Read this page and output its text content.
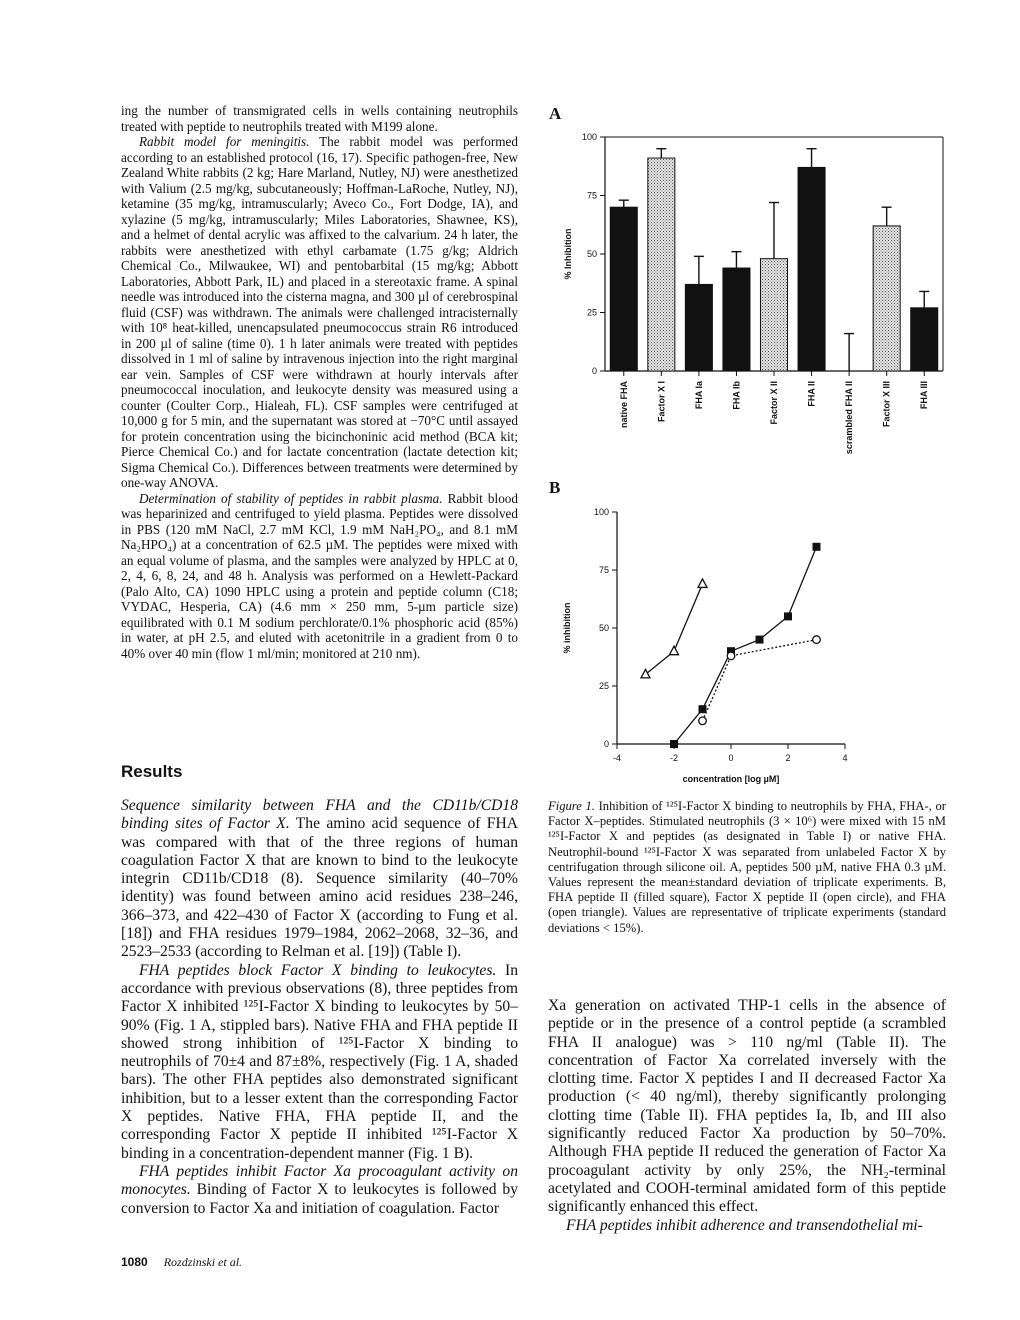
ing the number of transmigrated cells in wells containing neutrophils treated with peptide to neutrophils treated with M199 alone.

Rabbit model for meningitis. The rabbit model was performed according to an established protocol (16, 17). Specific pathogen-free, New Zealand White rabbits (2 kg; Hare Marland, Nutley, NJ) were anesthetized with Valium (2.5 mg/kg, subcutaneously; Hoffman-LaRoche, Nutley, NJ), ketamine (35 mg/kg, intramuscularly; Aveco Co., Fort Dodge, IA), and xylazine (5 mg/kg, intramuscularly; Miles Laboratories, Shawnee, KS), and a helmet of dental acrylic was affixed to the calvarium. 24 h later, the rabbits were anesthetized with ethyl carbamate (1.75 g/kg; Aldrich Chemical Co., Milwaukee, WI) and pentobarbital (15 mg/kg; Abbott Laboratories, Abbott Park, IL) and placed in a stereotaxic frame. A spinal needle was introduced into the cisterna magna, and 300 µl of cerebrospinal fluid (CSF) was withdrawn. The animals were challenged intracisternally with 10⁸ heat-killed, unencapsulated pneumococcus strain R6 introduced in 200 µl of saline (time 0). 1 h later animals were treated with peptides dissolved in 1 ml of saline by intravenous injection into the right marginal ear vein. Samples of CSF were withdrawn at hourly intervals after pneumococcal inoculation, and leukocyte density was measured using a counter (Coulter Corp., Hialeah, FL). CSF samples were centrifuged at 10,000 g for 5 min, and the supernatant was stored at −70°C until assayed for protein concentration using the bicinchoninic acid method (BCA kit; Pierce Chemical Co.) and for lactate concentration (lactate detection kit; Sigma Chemical Co.). Differences between treatments were determined by one-way ANOVA.

Determination of stability of peptides in rabbit plasma. Rabbit blood was heparinized and centrifuged to yield plasma. Peptides were dissolved in PBS (120 mM NaCl, 2.7 mM KCl, 1.9 mM NaH₂PO₄, and 8.1 mM Na₂HPO₄) at a concentration of 62.5 µM. The peptides were mixed with an equal volume of plasma, and the samples were analyzed by HPLC at 0, 2, 4, 6, 8, 24, and 48 h. Analysis was performed on a Hewlett-Packard (Palo Alto, CA) 1090 HPLC using a protein and peptide column (C18; VYDAC, Hesperia, CA) (4.6 mm × 250 mm, 5-µm particle size) equilibrated with 0.1 M sodium perchlorate/0.1% phosphoric acid (85%) in water, at pH 2.5, and eluted with acetonitrile in a gradient from 0 to 40% over 40 min (flow 1 ml/min; monitored at 210 nm).

Results

Sequence similarity between FHA and the CD11b/CD18 binding sites of Factor X. The amino acid sequence of FHA was compared with that of the three regions of human coagulation Factor X that are known to bind to the leukocyte integrin CD11b/CD18 (8). Sequence similarity (40–70% identity) was found between amino acid residues 238–246, 366–373, and 422–430 of Factor X (according to Fung et al. [18]) and FHA residues 1979–1984, 2062–2068, 32–36, and 2523–2533 (according to Relman et al. [19]) (Table I).

FHA peptides block Factor X binding to leukocytes. In accordance with previous observations (8), three peptides from Factor X inhibited ¹²⁵I-Factor X binding to leukocytes by 50–90% (Fig. 1 A, stippled bars). Native FHA and FHA peptide II showed strong inhibition of ¹²⁵I-Factor X binding to neutrophils of 70±4 and 87±8%, respectively (Fig. 1 A, shaded bars). The other FHA peptides also demonstrated significant inhibition, but to a lesser extent than the corresponding Factor X peptides. Native FHA, FHA peptide II, and the corresponding Factor X peptide II inhibited ¹²⁵I-Factor X binding in a concentration-dependent manner (Fig. 1 B).

FHA peptides inhibit Factor Xa procoagulant activity on monocytes. Binding of Factor X to leukocytes is followed by conversion to Factor Xa and initiation of coagulation. Factor

Figure 1. Inhibition of ¹²⁵I-Factor X binding to neutrophils by FHA, FHA-, or Factor X–peptides. Stimulated neutrophils (3 × 10⁶) were mixed with 15 nM ¹²⁵I-Factor X and peptides (as designated in Table I) or native FHA. Neutrophil-bound ¹²⁵I-Factor X was separated from unlabeled Factor X by centrifugation through silicone oil. A, peptides 500 µM, native FHA 0.3 µM. Values represent the mean±standard deviation of triplicate experiments. B, FHA peptide II (filled square), Factor X peptide II (open circle), and FHA (open triangle). Values are representative of triplicate experiments (standard deviations < 15%).

Xa generation on activated THP-1 cells in the absence of peptide or in the presence of a control peptide (a scrambled FHA II analogue) was > 110 ng/ml (Table II). The concentration of Factor Xa correlated inversely with the clotting time. Factor X peptides I and II decreased Factor Xa production (< 40 ng/ml), thereby significantly prolonging clotting time (Table II). FHA peptides Ia, Ib, and III also significantly reduced Factor Xa production by 50–70%. Although FHA peptide II reduced the generation of Factor Xa procoagulant activity by only 25%, the NH₂-terminal acetylated and COOH-terminal amidated form of this peptide significantly enhanced this effect.

FHA peptides inhibit adherence and transendothelial mi-

1080 Rozdzinski et al.
A
B
0
25
50
75
100
% Inhibition
native FHA	Factor X I	FHA Ia	FHA Ib	Factor X II	FHA II	scrambled FHA II	Factor X III	FHA III
0
25
50
75
100
-4	-2	0	2	4
concentration [log µM]
% inhibition
